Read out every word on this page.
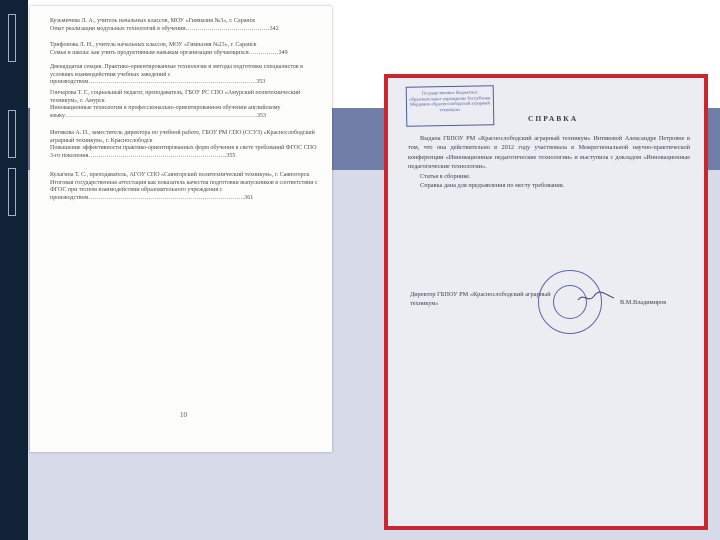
Кузьмичева Л. А., учитель начальных классов, МОУ «Гимназия №3», г. Саранск
Опыт реализации модульных технологий в обучении……………………………………342
Трифонова Л. Н., учитель начальных классов, МОУ «Гимназия №23», г. Саранск
Семья и школа: как учить продуктивным навыкам организации обучающихся……………349
Двенадцатая секция. Практико-ориентированные технологии и методы подготовки специалистов в условиях взаимодействия учебных заведений с производством…………………………………………………………………………353
Гончарова Т. Г., социальный педагог, преподаватель, ГБОУ РС СПО «Амурский политехнический техникум», г. Амурск
Инновационные технологии в профессионально-ориентированном обучении английскому языку……………………………………………………………………………………353
Интякова А. П., заместитель директора по учебной работе, ГБОУ РМ СПО (ССУЗ) «Краснослободский аграрный техникум», г. Краснослободск
Повышение эффективности практико-ориентированных форм обучения в свете требований ФГОС СПО 3-го поколения……………………………………………………………355
Кулагина Т. С., преподаватель, АГОУ СПО «Саянгорский политехнический техникум», г. Саяногорск
Итоговая государственная аттестация как показатель качества подготовки выпускников в соответствии с ФГОС при тесном взаимодействии образовательного учреждения с производством……………………………………………………………………361
10
Государственное бюджетное образовательное учреждение Республики Мордовия «Краснослободский аграрный техникум»
СПРАВКА
Выдана ГБПОУ РМ «Краснослободский аграрный техникум» Интяковой Александре Петровне в том, что она действительно в 2012 году участвовала в Межрегиональной научно-практической конференции «Инновационные педагогические технологии» и выступила с докладом «Инновационные педагогические технологии».
Статья в сборнике.
Справка дана для предъявления по месту требования.
Директор ГБПОУ РМ «Краснослободский аграрный техникум»	В.М.Владимиров
